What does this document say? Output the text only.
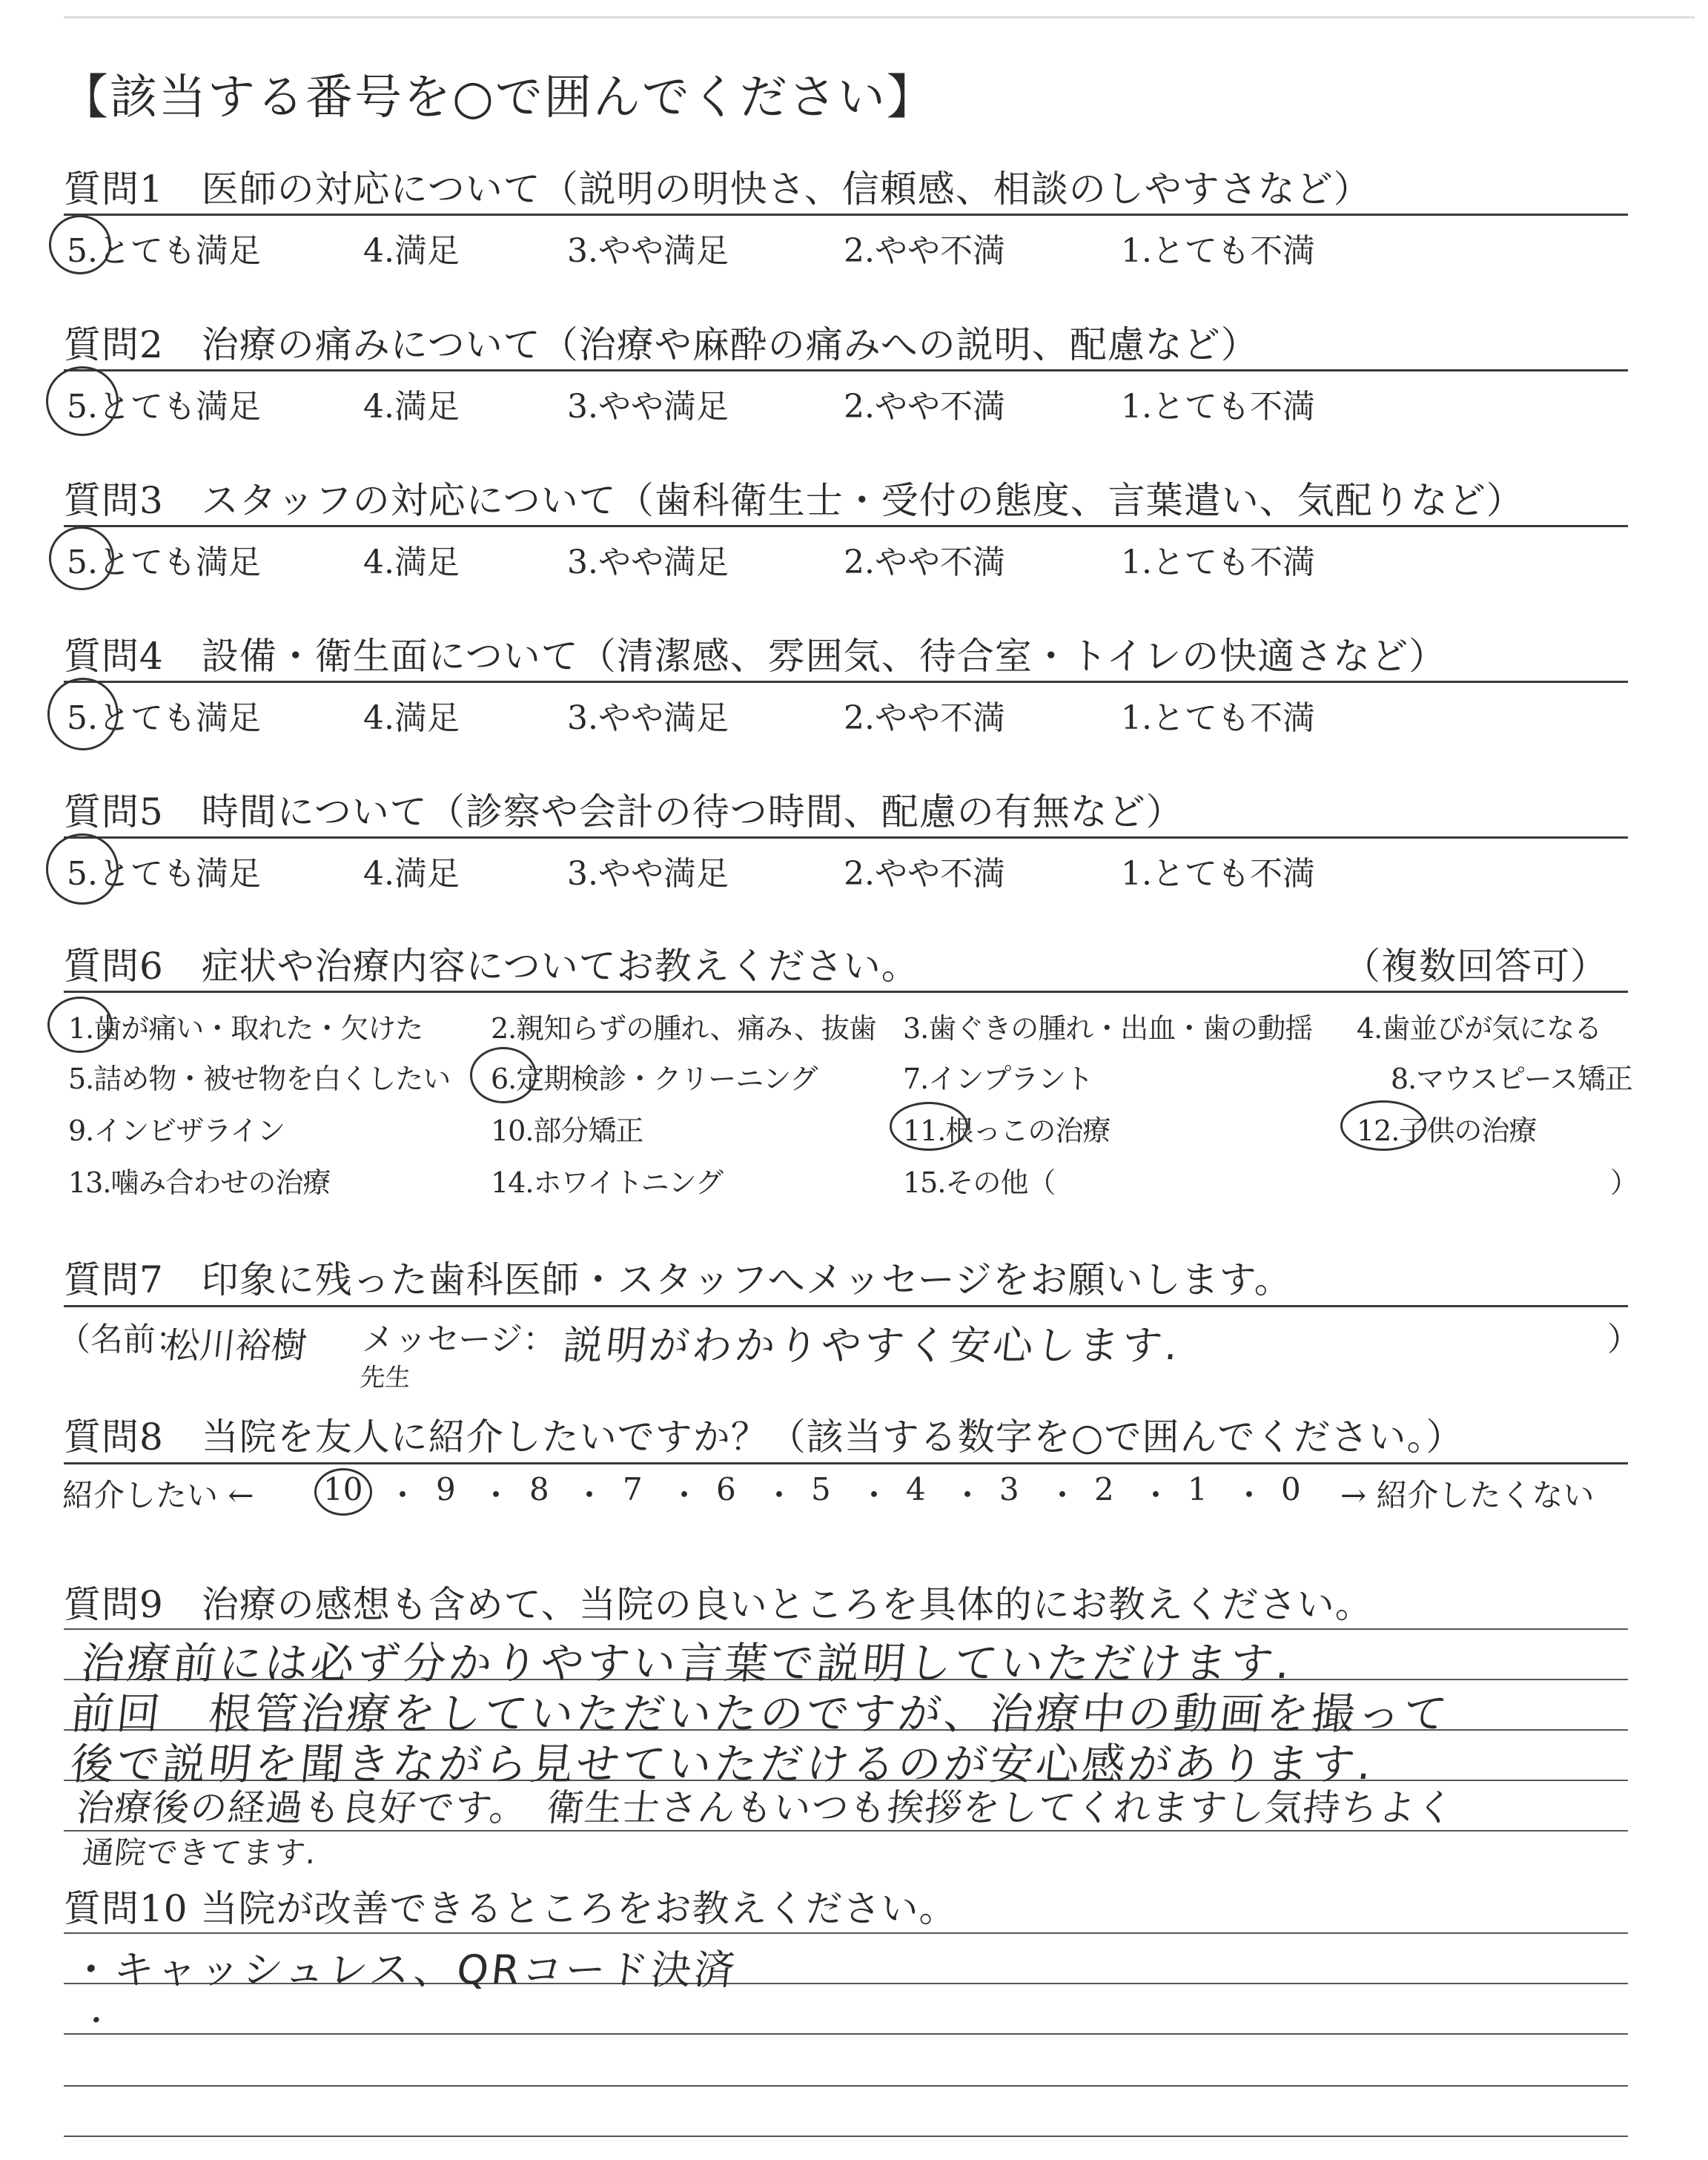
【該当する番号を○で囲んでください】
質問1　医師の対応について（説明の明快さ、信頼感、相談のしやすさなど）
5.とても満足	4.満足	3.やや満足	2.やや不満	1.とても不満
質問2　治療の痛みについて（治療や麻酔の痛みへの説明、配慮など）
5.とても満足	4.満足	3.やや満足	2.やや不満	1.とても不満
質問3　スタッフの対応について（歯科衛生士・受付の態度、言葉遣い、気配りなど）
5.とても満足	4.満足	3.やや満足	2.やや不満	1.とても不満
質問4　設備・衛生面について（清潔感、雰囲気、待合室・トイレの快適さなど）
5.とても満足	4.満足	3.やや満足	2.やや不満	1.とても不満
質問5　時間について（診察や会計の待つ時間、配慮の有無など）
5.とても満足	4.満足	3.やや満足	2.やや不満	1.とても不満
質問6　症状や治療内容についてお教えください。	（複数回答可）
1.歯が痛い・取れた・欠けた 2.親知らずの腫れ、痛み、抜歯 3.歯ぐきの腫れ・出血・歯の動揺 4.歯並びが気になる
5.詰め物・被せ物を白くしたい 6.定期検診・クリーニング	7.インプラント	8.マウスピース矯正
9.インビザライン	10.部分矯正	11.根っこの治療	12.子供の治療
13.噛み合わせの治療	14.ホワイトニング	15.その他（	）
質問7　印象に残った歯科医師・スタッフへメッセージをお願いします。
（名前：
松川裕樹
先生
メッセージ： 説明がわかりやすく安心します.	）
質問8　当院を友人に紹介したいですか？（該当する数字を○で囲んでください。）
紹介したい ← 10 9 8 7 6 5 4 3 2 1 0
・ ・ ・ ・ ・ ・ ・ ・ ・ ・ → 紹介したくない
質問9　治療の感想も含めて、当院の良いところを具体的にお教えください。
治療前には必ず分かりやすい言葉で説明していただけます.
前回　根管治療をしていただいたのですが、治療中の動画を撮って
後で説明を聞きながら見せていただけるのが安心感があります.
治療後の経過も良好です。　衛生士さんもいつも挨拶をしてくれますし気持ちよく
通院できてます.
質問10 当院が改善できるところをお教えください。
・キャッシュレス、QRコード決済
・
